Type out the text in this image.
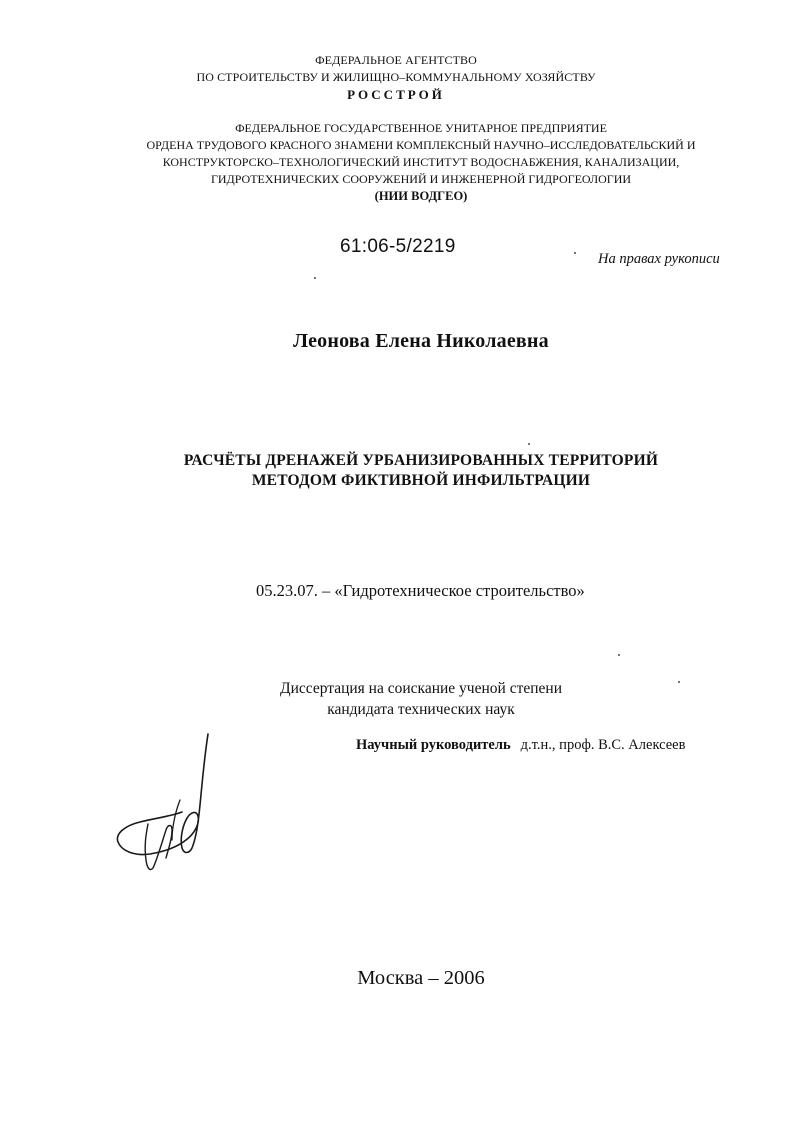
ФЕДЕРАЛЬНОЕ АГЕНТСТВО
ПО СТРОИТЕЛЬСТВУ И ЖИЛИЩНО–КОММУНАЛЬНОМУ ХОЗЯЙСТВУ
РОССТРОЙ
ФЕДЕРАЛЬНОЕ ГОСУДАРСТВЕННОЕ УНИТАРНОЕ ПРЕДПРИЯТИЕ
ОРДЕНА ТРУДОВОГО КРАСНОГО ЗНАМЕНИ КОМПЛЕКСНЫЙ НАУЧНО–ИССЛЕДОВАТЕЛЬСКИЙ И
КОНСТРУКТОРСКО–ТЕХНОЛОГИЧЕСКИЙ ИНСТИТУТ ВОДОСНАБЖЕНИЯ, КАНАЛИЗАЦИИ,
ГИДРОТЕХНИЧЕСКИХ СООРУЖЕНИЙ И ИНЖЕНЕРНОЙ ГИДРОГЕОЛОГИИ
(НИИ ВОДГЕО)
61:06-5/2219
На правах рукописи
Леонова Елена Николаевна
РАСЧЁТЫ ДРЕНАЖЕЙ УРБАНИЗИРОВАННЫХ ТЕРРИТОРИЙ
МЕТОДОМ ФИКТИВНОЙ ИНФИЛЬТРАЦИИ
05.23.07. – «Гидротехническое строительство»
Диссертация на соискание ученой степени
кандидата технических наук
Научный руководитель д.т.н., проф. В.С. Алексеев
Москва – 2006
